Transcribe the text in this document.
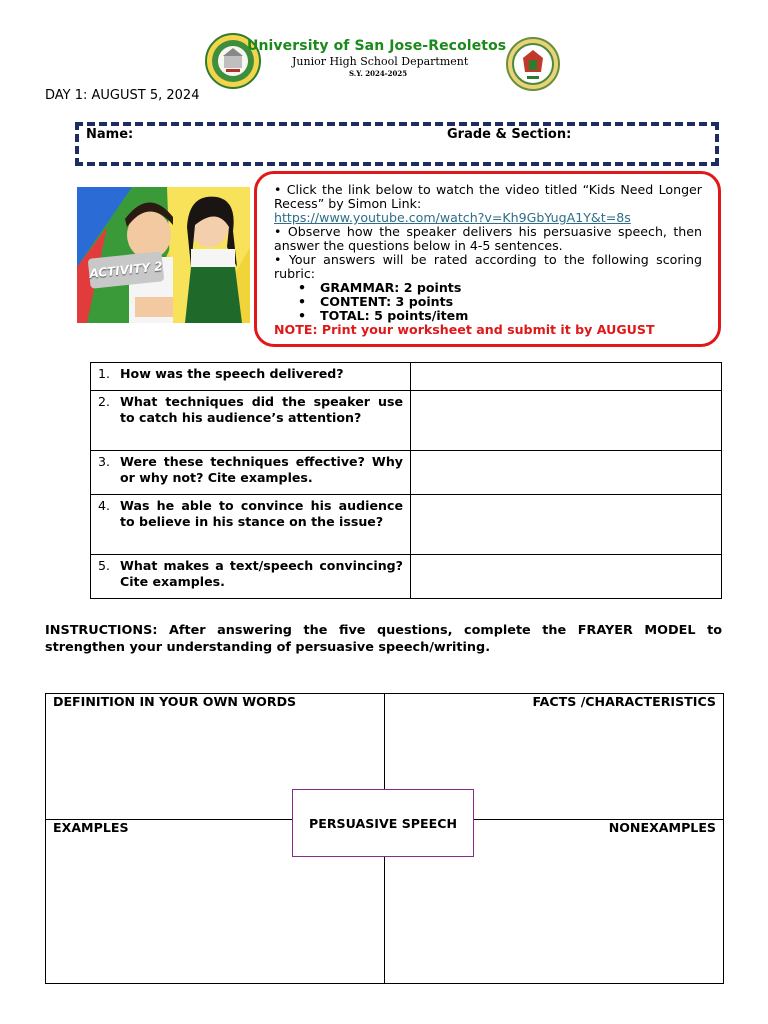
University of San Jose-Recoletos
Junior High School Department
S.Y. 2024-2025
DAY 1: AUGUST 5, 2024
Name:	Grade & Section:
ACTIVITY 2

• Click the link below to watch the video titled “Kids Need Longer Recess” by Simon Link:

https://www.youtube.com/watch?v=Kh9GbYugA1Y&t=8s

• Observe how the speaker delivers his persuasive speech, then answer the questions below in 4-5 sentences.

• Your answers will be rated according to the following scoring rubric:

• GRAMMAR: 2 points
• CONTENT: 3 points
• TOTAL: 5 points/item
NOTE: Print your worksheet and submit it by AUGUST
1. How was the speech delivered?	

2. What techniques did the speaker use to catch his audience’s attention?	

3. Were these techniques effective? Why or why not? Cite examples.	

4. Was he able to convince his audience to believe in his stance on the issue?	

5. What makes a text/speech convincing? Cite examples.	

INSTRUCTIONS: After answering the five questions, complete the FRAYER MODEL to strengthen your understanding of persuasive speech/writing.
DEFINITION IN YOUR OWN WORDS	FACTS /CHARACTERISTICS
EXAMPLES	NONEXAMPLES
PERSUASIVE SPEECH
